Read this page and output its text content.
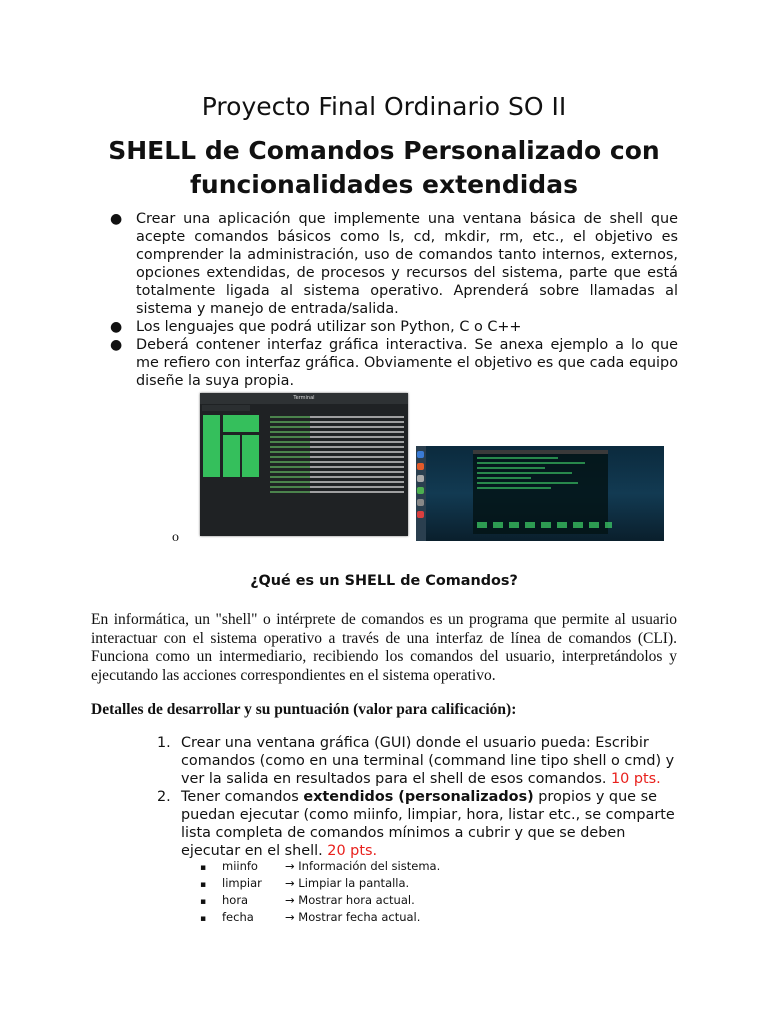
Proyecto Final Ordinario SO II
SHELL de Comandos Personalizado con funcionalidades extendidas
● Crear una aplicación que implemente una ventana básica de shell que acepte comandos básicos como ls, cd, mkdir, rm, etc., el objetivo es comprender la administración, uso de comandos tanto internos, externos, opciones extendidas, de procesos y recursos del sistema, parte que está totalmente ligada al sistema operativo. Aprenderá sobre llamadas al sistema y manejo de entrada/salida.
● Los lenguajes que podrá utilizar son Python, C o C++
● Deberá contener interfaz gráfica interactiva. Se anexa ejemplo a lo que me refiero con interfaz gráfica. Obviamente el objetivo es que cada equipo diseñe la suya propia.
Terminal
o
¿Qué es un SHELL de Comandos?
En informática, un "shell" o intérprete de comandos es un programa que permite al usuario interactuar con el sistema operativo a través de una interfaz de línea de comandos (CLI). Funciona como un intermediario, recibiendo los comandos del usuario, interpretándolos y ejecutando las acciones correspondientes en el sistema operativo.
Detalles de desarrollar y su puntuación (valor para calificación):
1. Crear una ventana gráfica (GUI) donde el usuario pueda: Escribir comandos (como en una terminal (command line tipo shell o cmd) y ver la salida en resultados para el shell de esos comandos. 10 pts.
2. Tener comandos extendidos (personalizados) propios y que se puedan ejecutar (como miinfo, limpiar, hora, listar etc., se comparte lista completa de comandos mínimos a cubrir y que se deben ejecutar en el shell. 20 pts.
▪ miinfo → Información del sistema.
▪ limpiar → Limpiar la pantalla.
▪ hora	→ Mostrar hora actual.
▪ fecha	→ Mostrar fecha actual.
